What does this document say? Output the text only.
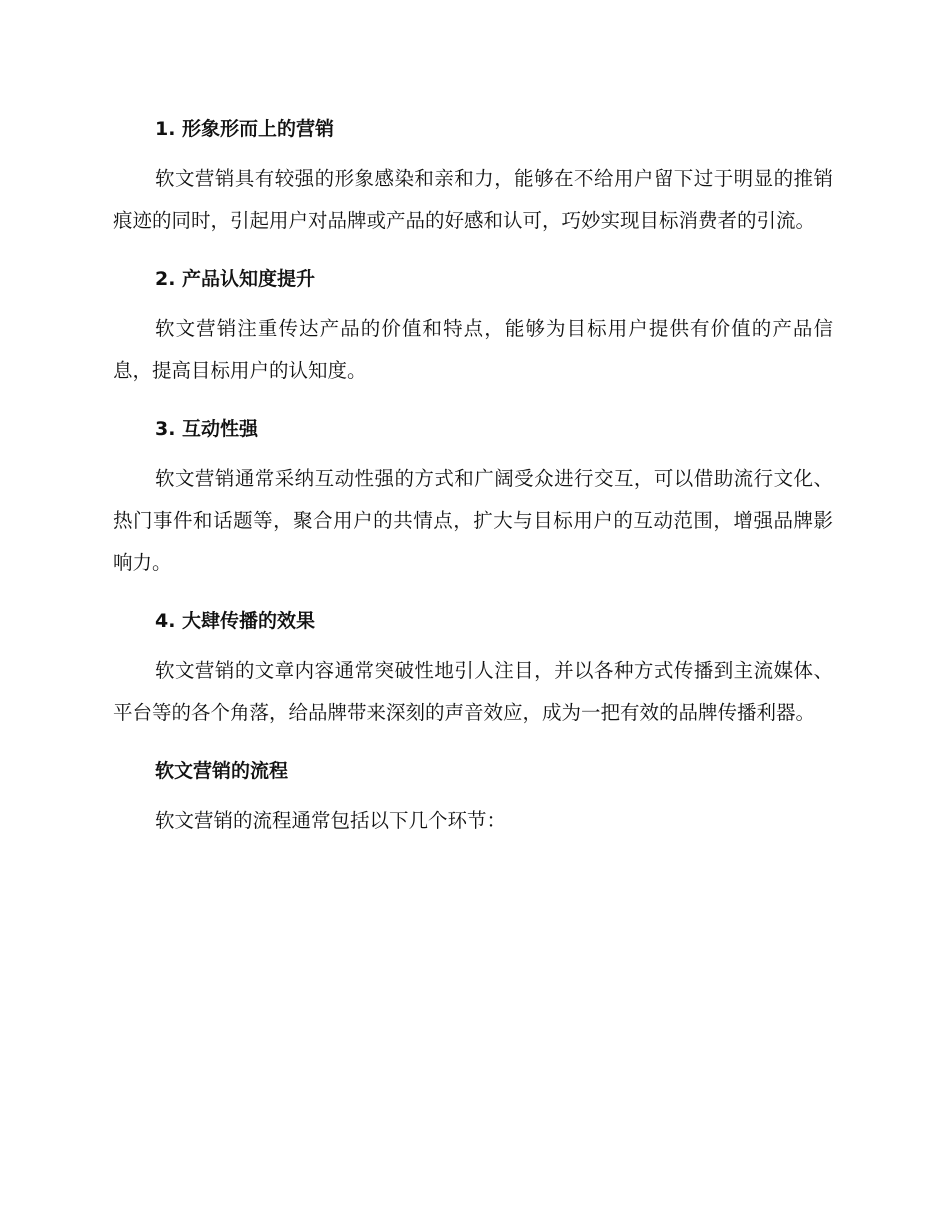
1. 形象形而上的营销

软文营销具有较强的形象感染和亲和力，能够在不给用户留下过于明显的推销痕迹的同时，引起用户对品牌或产品的好感和认可，巧妙实现目标消费者的引流。

2. 产品认知度提升

软文营销注重传达产品的价值和特点，能够为目标用户提供有价值的产品信息，提高目标用户的认知度。

3. 互动性强

软文营销通常采纳互动性强的方式和广阔受众进行交互，可以借助流行文化、热门事件和话题等，聚合用户的共情点，扩大与目标用户的互动范围，增强品牌影响力。

4. 大肆传播的效果

软文营销的文章内容通常突破性地引人注目，并以各种方式传播到主流媒体、平台等的各个角落，给品牌带来深刻的声音效应，成为一把有效的品牌传播利器。

软文营销的流程

软文营销的流程通常包括以下几个环节：
